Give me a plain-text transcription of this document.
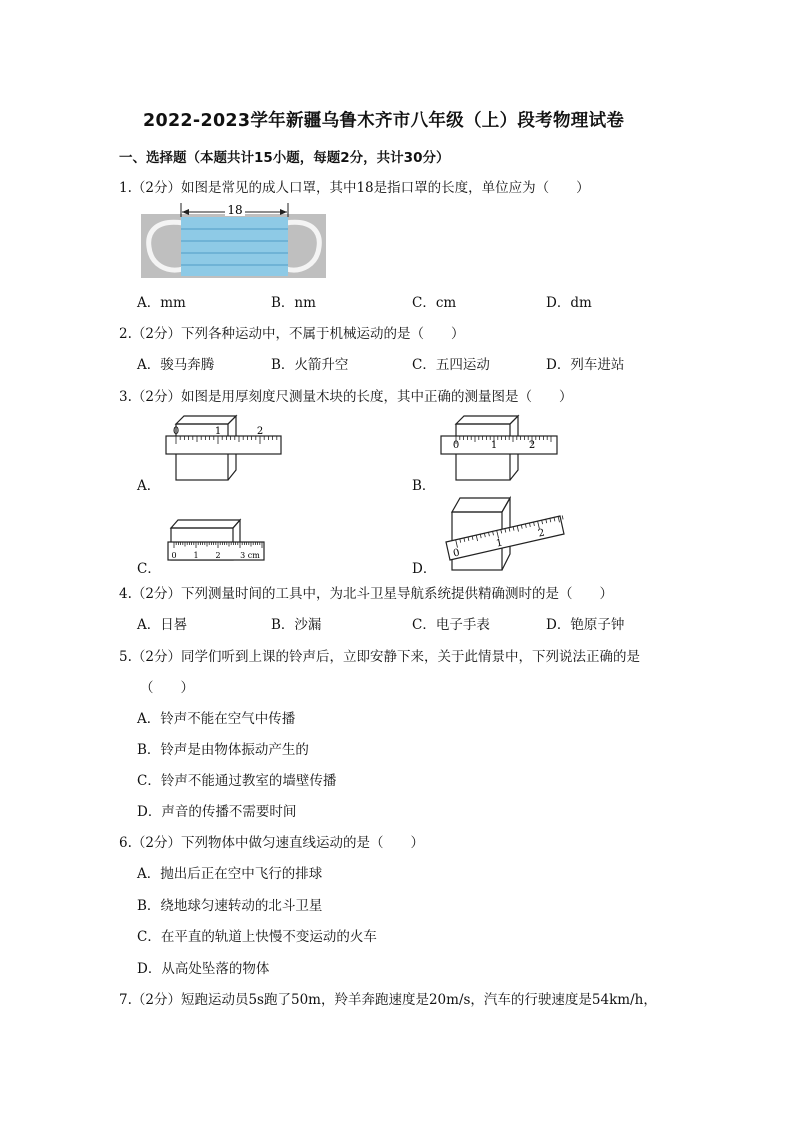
2022-2023学年新疆乌鲁木齐市八年级（上）段考物理试卷
一、选择题（本题共计15小题，每题2分，共计30分）
1.（2分）如图是常见的成人口罩，其中18是指口罩的长度，单位应为（　　）
18
A．mm	B．nm	C．cm	D．dm
2.（2分）下列各种运动中，不属于机械运动的是（　　）
A．骏马奔腾	B．火箭升空	C．五四运动	D．列车进站
3.（2分）如图是用厚刻度尺测量木块的长度，其中正确的测量图是（　　）
0	1	2
A．
0	1	2
B．
0 1 2 3 cm
C．
0
1
2
D．
4.（2分）下列测量时间的工具中，为北斗卫星导航系统提供精确测时的是（　　）
A．日晷	B．沙漏	C．电子手表	D．铯原子钟
5.（2分）同学们听到上课的铃声后，立即安静下来，关于此情景中，下列说法正确的是
（　　）
A．铃声不能在空气中传播
B．铃声是由物体振动产生的
C．铃声不能通过教室的墙壁传播
D．声音的传播不需要时间
6.（2分）下列物体中做匀速直线运动的是（　　）
A．抛出后正在空中飞行的排球
B．绕地球匀速转动的北斗卫星
C．在平直的轨道上快慢不变运动的火车
D．从高处坠落的物体
7.（2分）短跑运动员5s跑了50m，羚羊奔跑速度是20m/s，汽车的行驶速度是54km/h，
